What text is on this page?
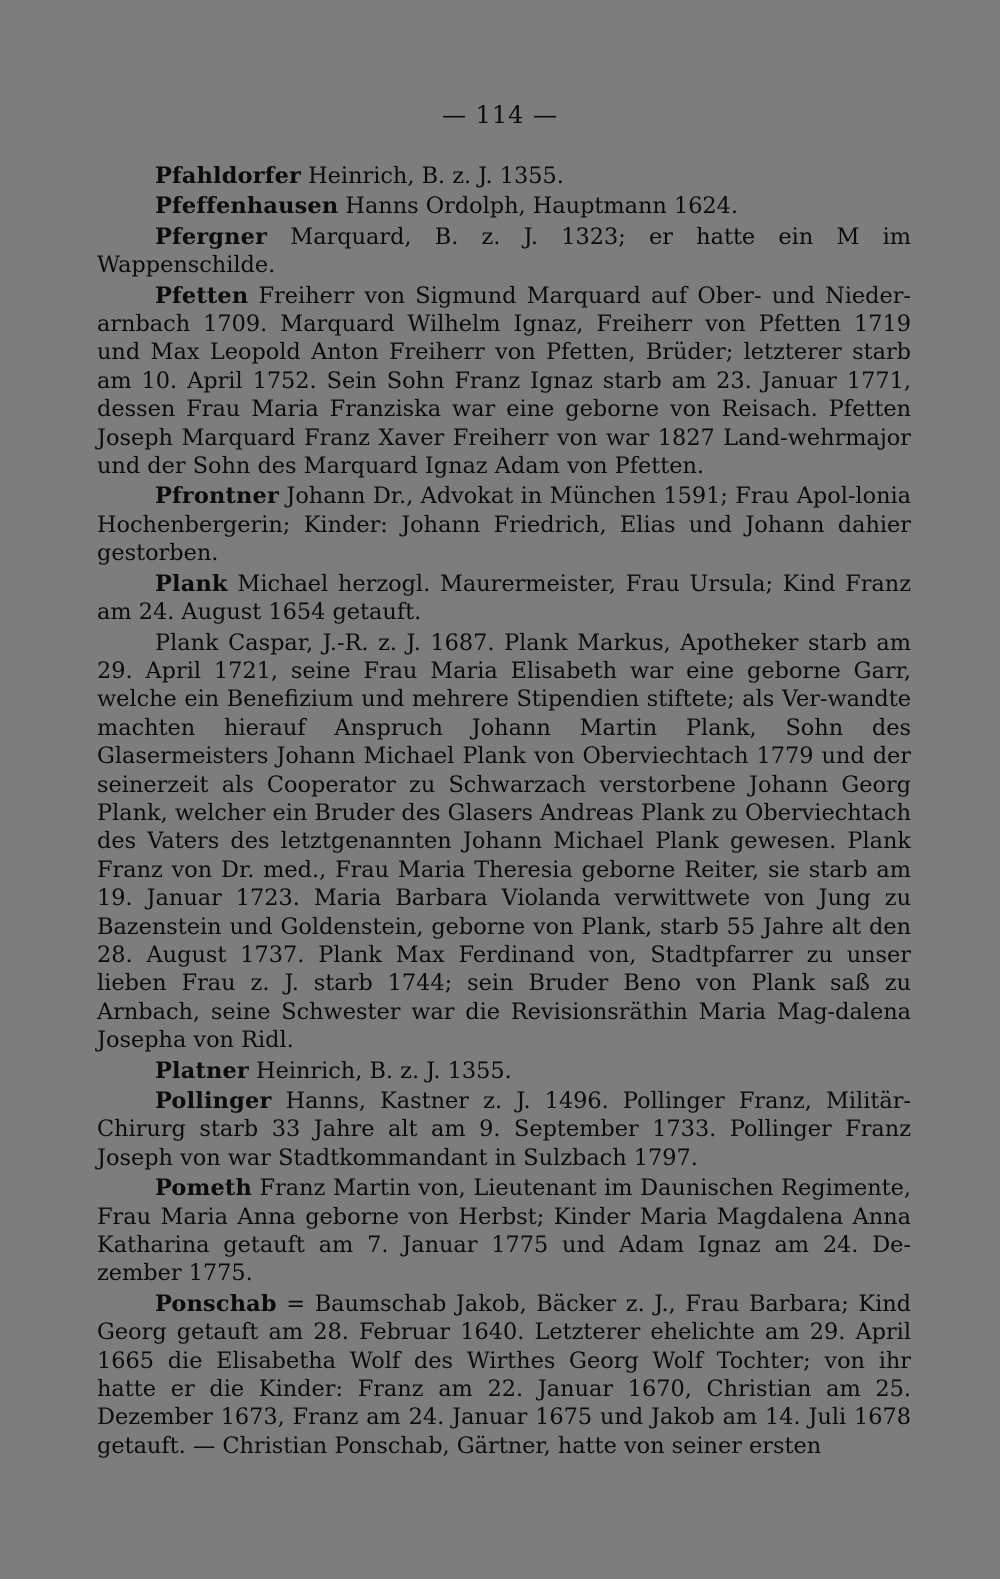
— 114 —

Pfahldorfer Heinrich, B. z. J. 1355.

Pfeffenhausen Hanns Ordolph, Hauptmann 1624.

Pfergner Marquard, B. z. J. 1323; er hatte ein M im Wappenschilde.

Pfetten Freiherr von Sigmund Marquard auf Ober- und Nieder-arnbach 1709. Marquard Wilhelm Ignaz, Freiherr von Pfetten 1719 und Max Leopold Anton Freiherr von Pfetten, Brüder; letzterer starb am 10. April 1752. Sein Sohn Franz Ignaz starb am 23. Januar 1771, dessen Frau Maria Franziska war eine geborne von Reisach. Pfetten Joseph Marquard Franz Xaver Freiherr von war 1827 Land-wehrmajor und der Sohn des Marquard Ignaz Adam von Pfetten.

Pfrontner Johann Dr., Advokat in München 1591; Frau Apol-lonia Hochenbergerin; Kinder: Johann Friedrich, Elias und Johann dahier gestorben.

Plank Michael herzogl. Maurermeister, Frau Ursula; Kind Franz am 24. August 1654 getauft.

Plank Caspar, J.-R. z. J. 1687. Plank Markus, Apotheker starb am 29. April 1721, seine Frau Maria Elisabeth war eine geborne Garr, welche ein Benefizium und mehrere Stipendien stiftete; als Ver-wandte machten hierauf Anspruch Johann Martin Plank, Sohn des Glasermeisters Johann Michael Plank von Oberviechtach 1779 und der seinerzeit als Cooperator zu Schwarzach verstorbene Johann Georg Plank, welcher ein Bruder des Glasers Andreas Plank zu Oberviechtach des Vaters des letztgenannten Johann Michael Plank gewesen. Plank Franz von Dr. med., Frau Maria Theresia geborne Reiter, sie starb am 19. Januar 1723. Maria Barbara Violanda verwittwete von Jung zu Bazenstein und Goldenstein, geborne von Plank, starb 55 Jahre alt den 28. August 1737. Plank Max Ferdinand von, Stadtpfarrer zu unser lieben Frau z. J. starb 1744; sein Bruder Beno von Plank saß zu Arnbach, seine Schwester war die Revisionsräthin Maria Mag-dalena Josepha von Ridl.

Platner Heinrich, B. z. J. 1355.

Pollinger Hanns, Kastner z. J. 1496. Pollinger Franz, Militär-Chirurg starb 33 Jahre alt am 9. September 1733. Pollinger Franz Joseph von war Stadtkommandant in Sulzbach 1797.

Pometh Franz Martin von, Lieutenant im Daunischen Regimente, Frau Maria Anna geborne von Herbst; Kinder Maria Magdalena Anna Katharina getauft am 7. Januar 1775 und Adam Ignaz am 24. De-zember 1775.

Ponschab = Baumschab Jakob, Bäcker z. J., Frau Barbara; Kind Georg getauft am 28. Februar 1640. Letzterer ehelichte am 29. April 1665 die Elisabetha Wolf des Wirthes Georg Wolf Tochter; von ihr hatte er die Kinder: Franz am 22. Januar 1670, Christian am 25. Dezember 1673, Franz am 24. Januar 1675 und Jakob am 14. Juli 1678 getauft. — Christian Ponschab, Gärtner, hatte von seiner ersten
